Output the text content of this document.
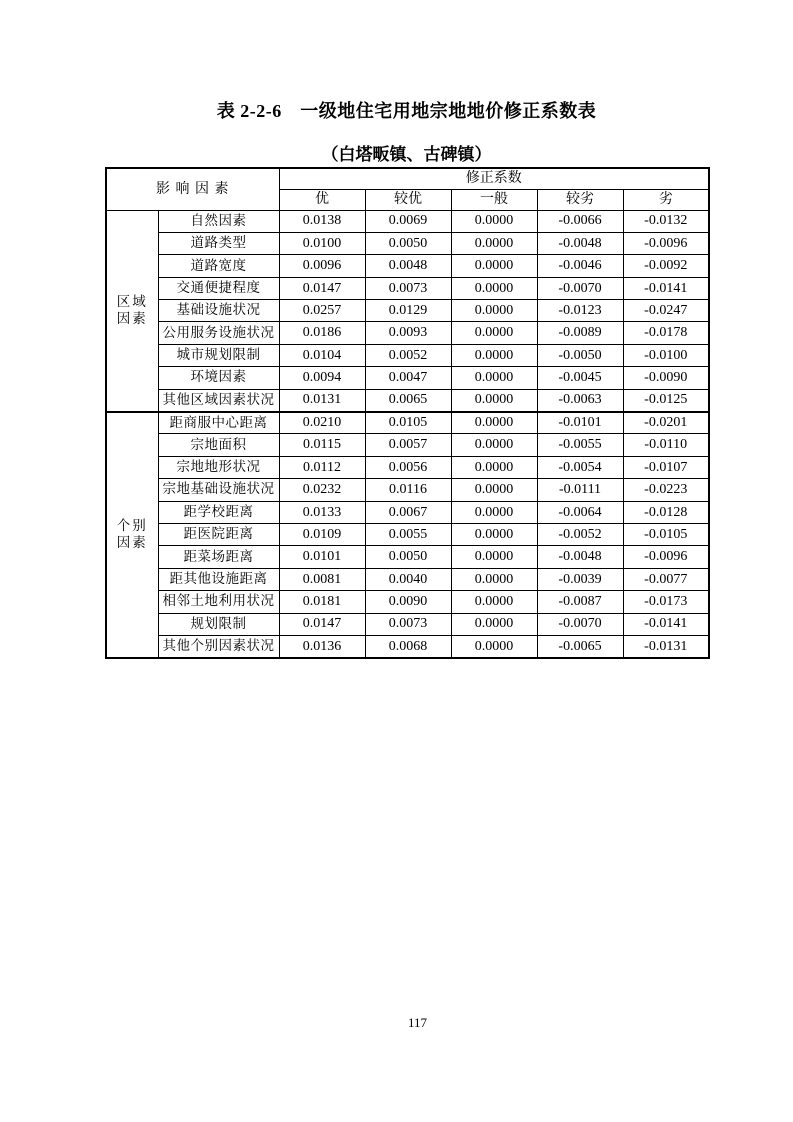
表 2-2-6　一级地住宅用地宗地地价修正系数表
（白塔畈镇、古碑镇）
影 响 因 素		修正系数				
		优	较优	一般	较劣	劣

区域
因素	自然因素	0.0138	0.0069	0.0000	-0.0066	-0.0132
	道路类型	0.0100	0.0050	0.0000	-0.0048	-0.0096
	道路宽度	0.0096	0.0048	0.0000	-0.0046	-0.0092
	交通便捷程度	0.0147	0.0073	0.0000	-0.0070	-0.0141
	基础设施状况	0.0257	0.0129	0.0000	-0.0123	-0.0247
	公用服务设施状况	0.0186	0.0093	0.0000	-0.0089	-0.0178
	城市规划限制	0.0104	0.0052	0.0000	-0.0050	-0.0100
	环境因素	0.0094	0.0047	0.0000	-0.0045	-0.0090
	其他区域因素状况	0.0131	0.0065	0.0000	-0.0063	-0.0125

个别
因素	距商服中心距离	0.0210	0.0105	0.0000	-0.0101	-0.0201
	宗地面积	0.0115	0.0057	0.0000	-0.0055	-0.0110
	宗地地形状况	0.0112	0.0056	0.0000	-0.0054	-0.0107
	宗地基础设施状况	0.0232	0.0116	0.0000	-0.0111	-0.0223
	距学校距离	0.0133	0.0067	0.0000	-0.0064	-0.0128
	距医院距离	0.0109	0.0055	0.0000	-0.0052	-0.0105
	距菜场距离	0.0101	0.0050	0.0000	-0.0048	-0.0096
	距其他设施距离	0.0081	0.0040	0.0000	-0.0039	-0.0077
	相邻土地利用状况	0.0181	0.0090	0.0000	-0.0087	-0.0173
	规划限制	0.0147	0.0073	0.0000	-0.0070	-0.0141
	其他个别因素状况	0.0136	0.0068	0.0000	-0.0065	-0.0131
117
